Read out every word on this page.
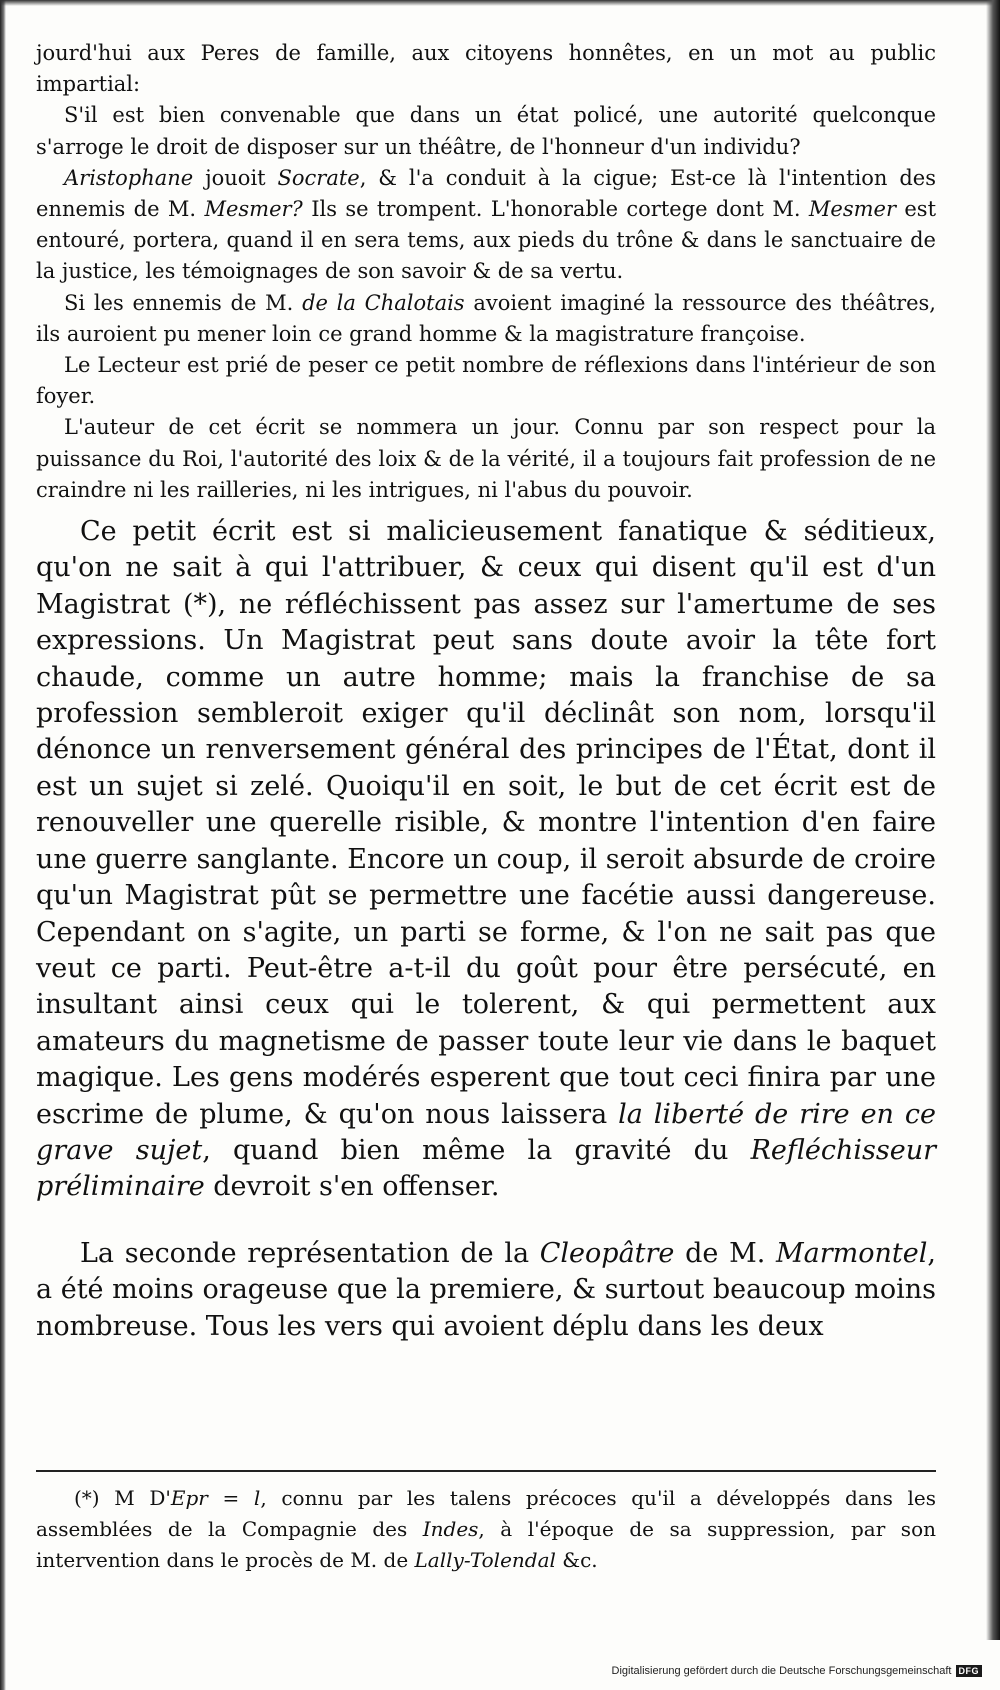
jourd'hui aux Peres de famille, aux citoyens honnêtes, en un mot au public impartial:

S'il est bien convenable que dans un état policé, une autorité quelconque s'arroge le droit de disposer sur un théâtre, de l'honneur d'un individu?

Aristophane jouoit Socrate, & l'a conduit à la cigue; Est-ce là l'intention des ennemis de M. Mesmer? Ils se trompent. L'honorable cortege dont M. Mesmer est entouré, portera, quand il en sera tems, aux pieds du trône & dans le sanctuaire de la justice, les témoignages de son savoir & de sa vertu.

Si les ennemis de M. de la Chalotais avoient imaginé la ressource des théâtres, ils auroient pu mener loin ce grand homme & la magistrature françoise.

Le Lecteur est prié de peser ce petit nombre de réflexions dans l'intérieur de son foyer.

L'auteur de cet écrit se nommera un jour. Connu par son respect pour la puissance du Roi, l'autorité des loix & de la vérité, il a toujours fait profession de ne craindre ni les railleries, ni les intrigues, ni l'abus du pouvoir.

Ce petit écrit est si malicieusement fanatique & séditieux, qu'on ne sait à qui l'attribuer, & ceux qui disent qu'il est d'un Magistrat (*), ne réfléchissent pas assez sur l'amertume de ses expressions. Un Magistrat peut sans doute avoir la tête fort chaude, comme un autre homme; mais la franchise de sa profession sembleroit exiger qu'il déclinât son nom, lorsqu'il dénonce un renversement général des principes de l'État, dont il est un sujet si zelé. Quoiqu'il en soit, le but de cet écrit est de renouveller une querelle risible, & montre l'intention d'en faire une guerre sanglante. Encore un coup, il seroit absurde de croire qu'un Magistrat pût se permettre une facétie aussi dangereuse. Cependant on s'agite, un parti se forme, & l'on ne sait pas que veut ce parti. Peut-être a-t-il du goût pour être persécuté, en insultant ainsi ceux qui le tolerent, & qui permettent aux amateurs du magnetisme de passer toute leur vie dans le baquet magique. Les gens modérés esperent que tout ceci finira par une escrime de plume, & qu'on nous laissera la liberté de rire en ce grave sujet, quand bien même la gravité du Refléchisseur préliminaire devroit s'en offenser.

La seconde représentation de la Cleopâtre de M. Marmontel, a été moins orageuse que la premiere, & surtout beaucoup moins nombreuse. Tous les vers qui avoient déplu dans les deux

(*) M D'Epr = l, connu par les talens précoces qu'il a développés dans les assemblées de la Compagnie des Indes, à l'époque de sa suppression, par son intervention dans le procès de M. de Lally-Tolendal &c.

Digitalisierung gefördert durch die Deutsche Forschungsgemeinschaft DFG
